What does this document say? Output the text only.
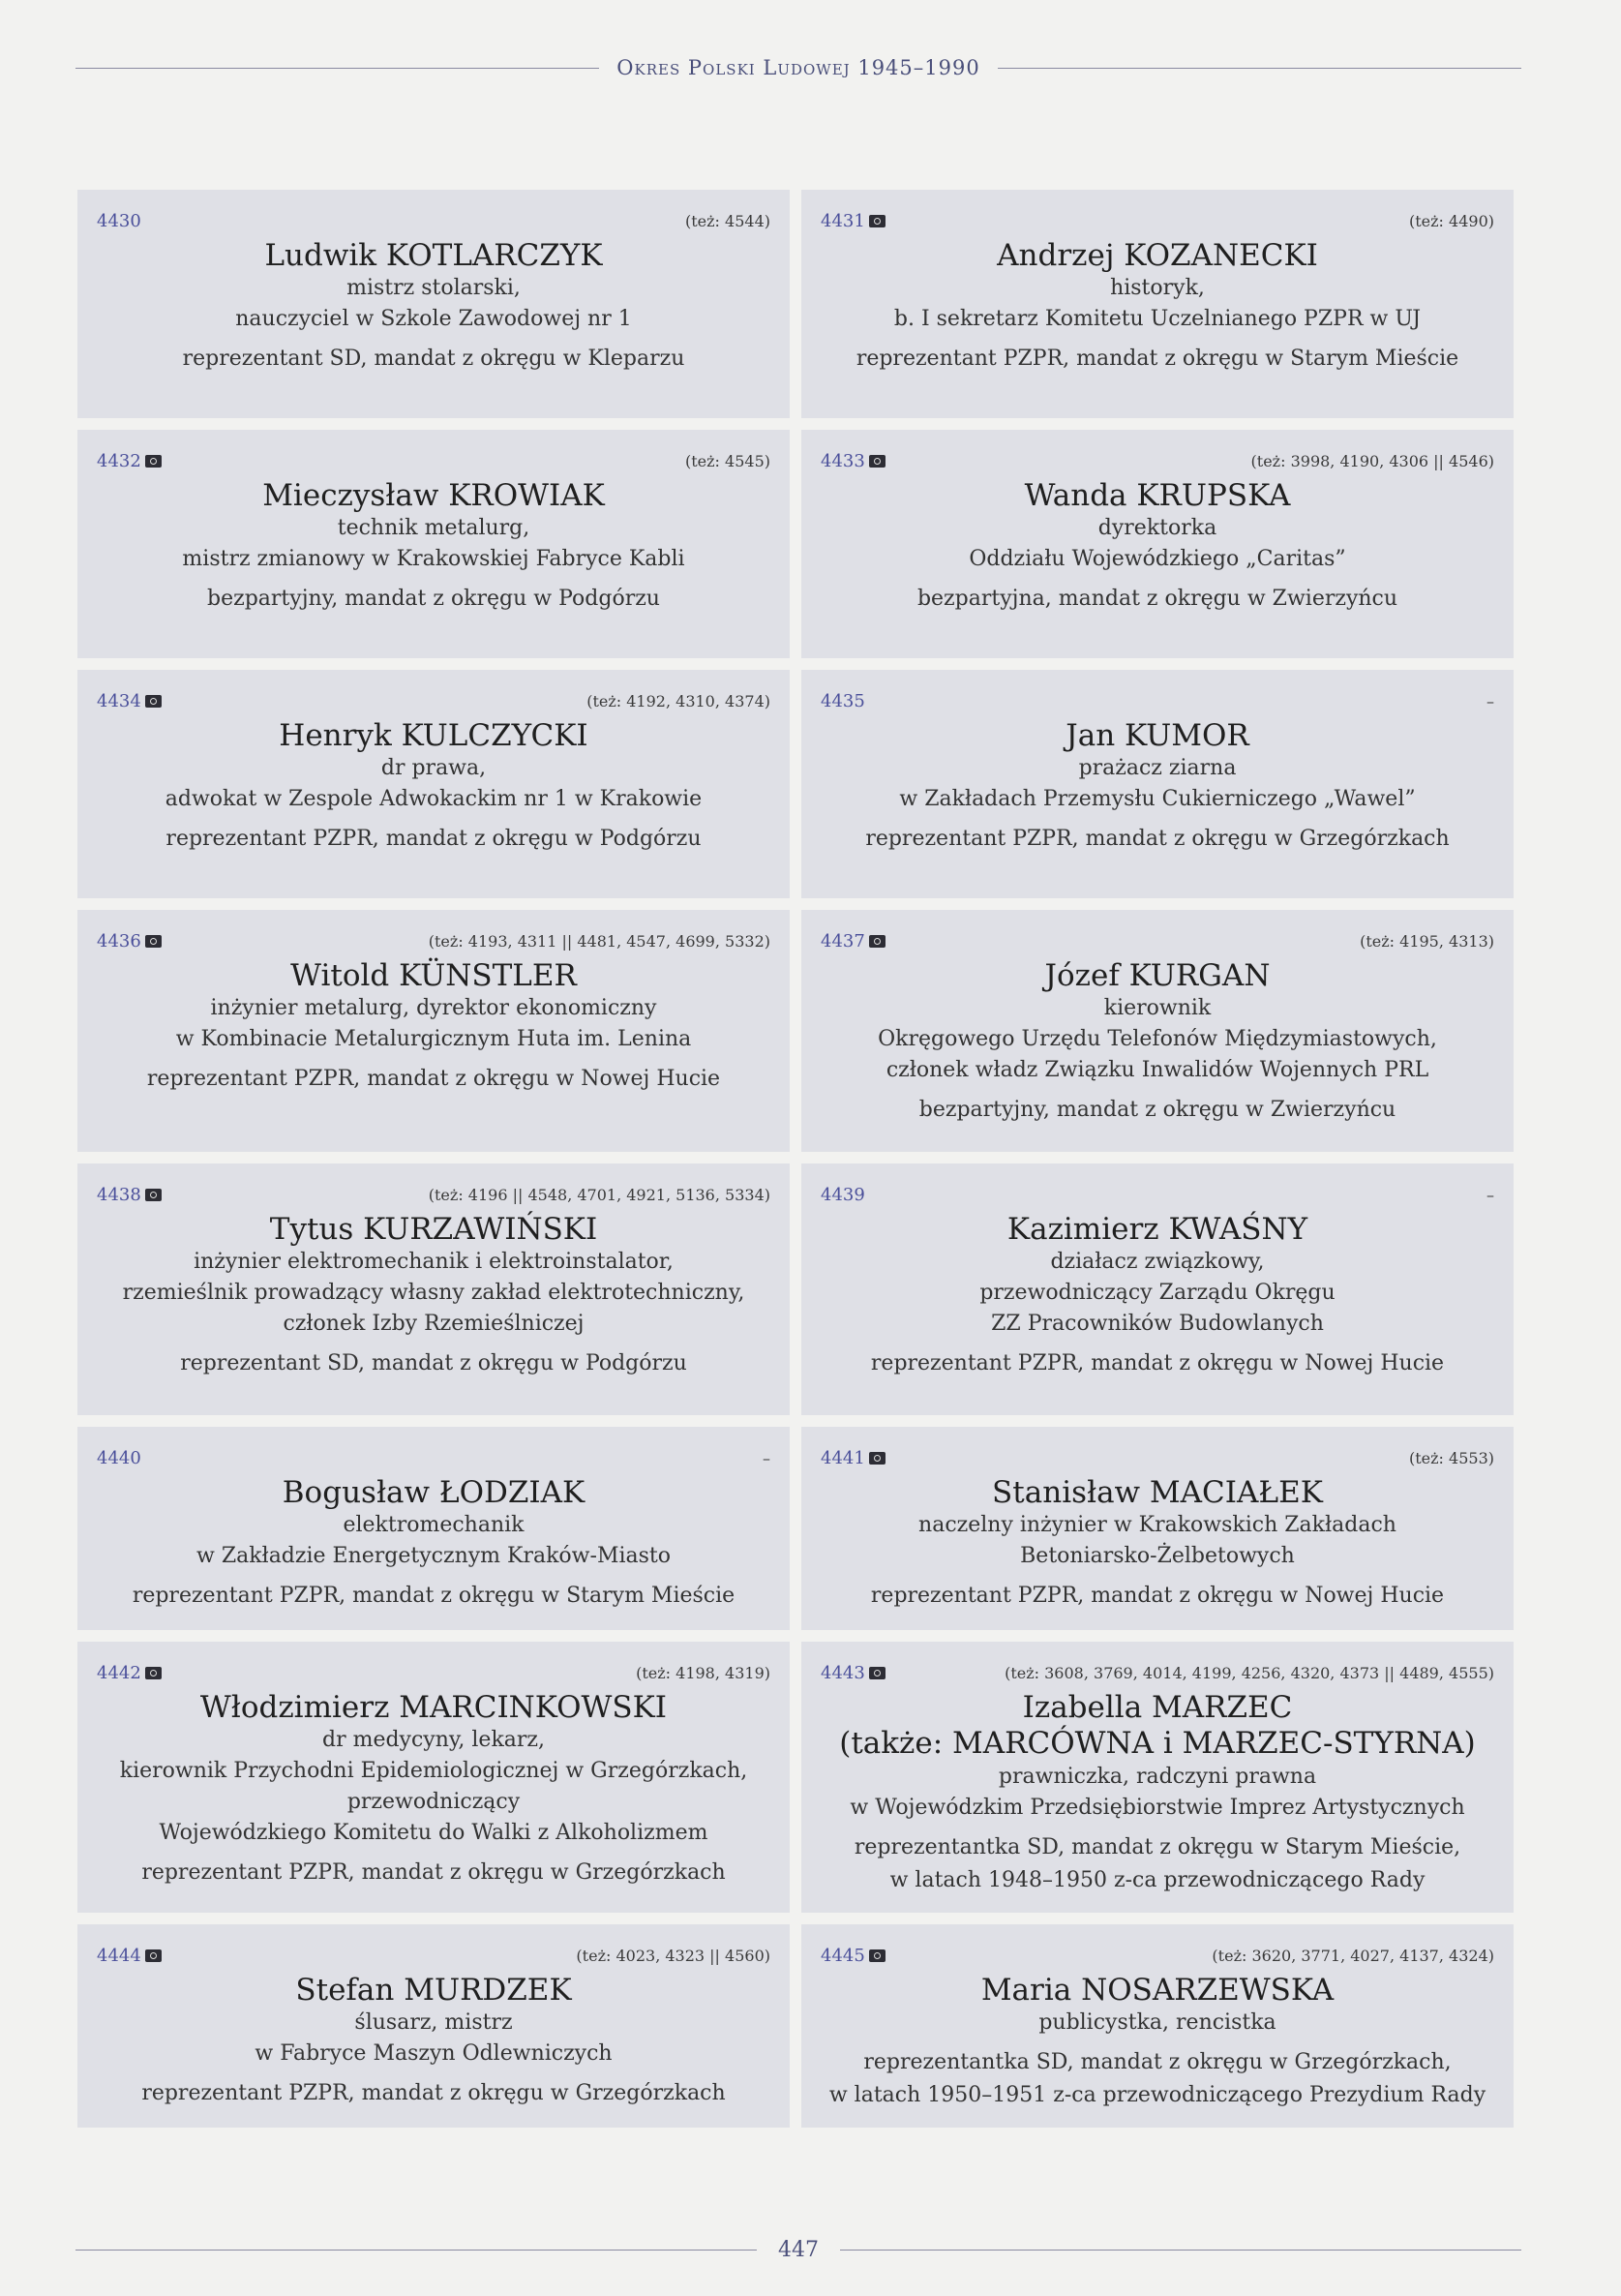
Okres Polski Ludowej 1945–1990
4430	(też: 4544)
Ludwik KOTLARCZYK
mistrz stolarski,
nauczyciel w Szkole Zawodowej nr 1
reprezentant SD, mandat z okręgu w Kleparzu
4431	(też: 4490)
Andrzej KOZANECKI
historyk,
b. I sekretarz Komitetu Uczelnianego PZPR w UJ
reprezentant PZPR, mandat z okręgu w Starym Mieście
4432	(też: 4545)
Mieczysław KROWIAK
technik metalurg,
mistrz zmianowy w Krakowskiej Fabryce Kabli
bezpartyjny, mandat z okręgu w Podgórzu
4433	(też: 3998, 4190, 4306 || 4546)
Wanda KRUPSKA
dyrektorka
Oddziału Wojewódzkiego „Caritas”
bezpartyjna, mandat z okręgu w Zwierzyńcu
4434	(też: 4192, 4310, 4374)
Henryk KULCZYCKI
dr prawa,
adwokat w Zespole Adwokackim nr 1 w Krakowie
reprezentant PZPR, mandat z okręgu w Podgórzu
4435	–
Jan KUMOR
prażacz ziarna
w Zakładach Przemysłu Cukierniczego „Wawel”
reprezentant PZPR, mandat z okręgu w Grzegórzkach
4436	(też: 4193, 4311 || 4481, 4547, 4699, 5332)
Witold KÜNSTLER
inżynier metalurg, dyrektor ekonomiczny
w Kombinacie Metalurgicznym Huta im. Lenina
reprezentant PZPR, mandat z okręgu w Nowej Hucie
4437	(też: 4195, 4313)
Józef KURGAN
kierownik
Okręgowego Urzędu Telefonów Międzymiastowych,
członek władz Związku Inwalidów Wojennych PRL
bezpartyjny, mandat z okręgu w Zwierzyńcu
4438	(też: 4196 || 4548, 4701, 4921, 5136, 5334)
Tytus KURZAWIŃSKI
inżynier elektromechanik i elektroinstalator,
rzemieślnik prowadzący własny zakład elektrotechniczny,
członek Izby Rzemieślniczej
reprezentant SD, mandat z okręgu w Podgórzu
4439	–
Kazimierz KWAŚNY
działacz związkowy,
przewodniczący Zarządu Okręgu
ZZ Pracowników Budowlanych
reprezentant PZPR, mandat z okręgu w Nowej Hucie
4440	–
Bogusław ŁODZIAK
elektromechanik
w Zakładzie Energetycznym Kraków-Miasto
reprezentant PZPR, mandat z okręgu w Starym Mieście
4441	(też: 4553)
Stanisław MACIAŁEK
naczelny inżynier w Krakowskich Zakładach
Betoniarsko-Żelbetowych
reprezentant PZPR, mandat z okręgu w Nowej Hucie
4442	(też: 4198, 4319)
Włodzimierz MARCINKOWSKI
dr medycyny, lekarz,
kierownik Przychodni Epidemiologicznej w Grzegórzkach,
przewodniczący
Wojewódzkiego Komitetu do Walki z Alkoholizmem
reprezentant PZPR, mandat z okręgu w Grzegórzkach
4443	(też: 3608, 3769, 4014, 4199, 4256, 4320, 4373 || 4489, 4555)
Izabella MARZEC
(także: MARCÓWNA i MARZEC-STYRNA)
prawniczka, radczyni prawna
w Wojewódzkim Przedsiębiorstwie Imprez Artystycznych
reprezentantka SD, mandat z okręgu w Starym Mieście,
w latach 1948–1950 z-ca przewodniczącego Rady
4444	(też: 4023, 4323 || 4560)
Stefan MURDZEK
ślusarz, mistrz
w Fabryce Maszyn Odlewniczych
reprezentant PZPR, mandat z okręgu w Grzegórzkach
4445	(też: 3620, 3771, 4027, 4137, 4324)
Maria NOSARZEWSKA
publicystka, rencistka
reprezentantka SD, mandat z okręgu w Grzegórzkach,
w latach 1950–1951 z-ca przewodniczącego Prezydium Rady
447
